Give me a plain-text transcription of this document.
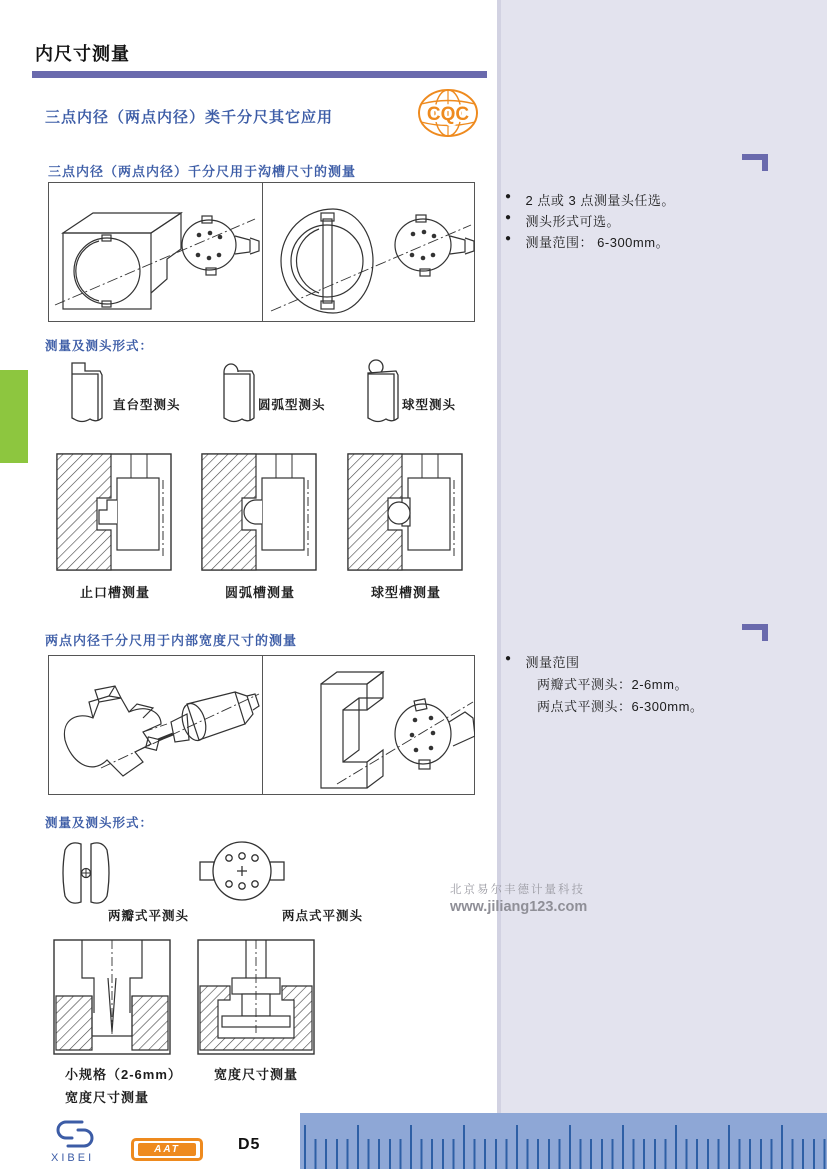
内尺寸测量
三点内径（两点内径）类千分尺其它应用	CQC
三点内径（两点内径）千分尺用于沟槽尺寸的测量
● 2 点或 3 点测量头任选。
● 测头形式可选。
● 测量范围： 6-300mm。
测量及测头形式：
直台型测头	圆弧型测头	球型测头
止口槽测量	圆弧槽测量	球型槽测量
两点内径千分尺用于内部宽度尺寸的测量
● 测量范围
两瓣式平测头：2-6mm。
两点式平测头：6-300mm。
测量及测头形式：
两瓣式平测头	两点式平测头
小规格（2-6mm）
宽度尺寸测量
宽度尺寸测量
北京易尔丰德计量科技
www.jiliang123.com
XIBEI
AAT	D5
